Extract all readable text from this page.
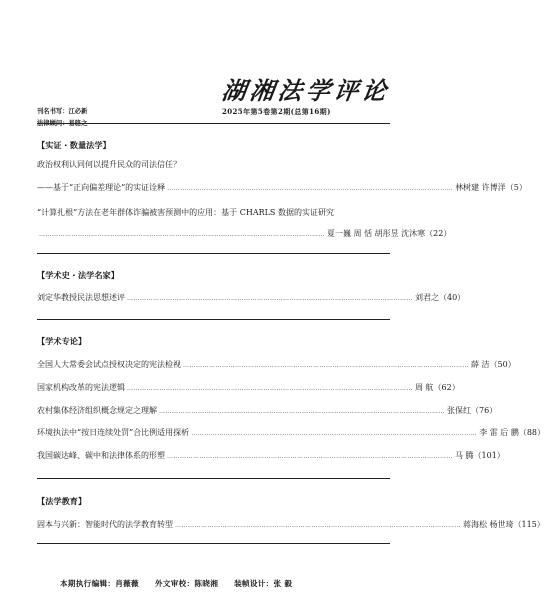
刊名书写：江必新
法律顾问：易骆之
湖湘法学评论
2025年第5卷第2期(总第16期)
【实证・数量法学】
政治权利认同何以提升民众的司法信任？
——基于“正向偏差理论”的实证诠释 …………………………………………………………………………………………………………………… 林树建 许博洋（5）
“计算扎根”方法在老年群体诈骗被害预测中的应用：基于 CHARLS 数据的实证研究
…………………………………………………………………………………………………………………… 夏一巍 周 恬 胡彤昱 沈沐寒（22）
【学术史・法学名家】
刘定华教授民法思想述评 …………………………………………………………………………………………………………………… 刘君之（40）
【学术专论】
全国人大常委会试点授权决定的宪法检视 …………………………………………………………………………………………………………………… 薛 洁（50）
国家机构改革的宪法逻辑 …………………………………………………………………………………………………………………… 周 航（62）
农村集体经济组织概念规定之理解 …………………………………………………………………………………………………………………… 张保红（76）
环境执法中“按日连续处罚”合比例适用探析 …………………………………………………………………………………………………………………… 李 雷 后 鹏（88）
我国碳达峰、碳中和法律体系的形塑 …………………………………………………………………………………………………………………… 马 腾（101）
【法学教育】
固本与兴新：智能时代的法学教育转型 …………………………………………………………………………………………………………………… 蒋海松 杨世琦（115）
本期执行编辑：肖薇薇 外文审校：陈晓湘 装帧设计：张 毅
